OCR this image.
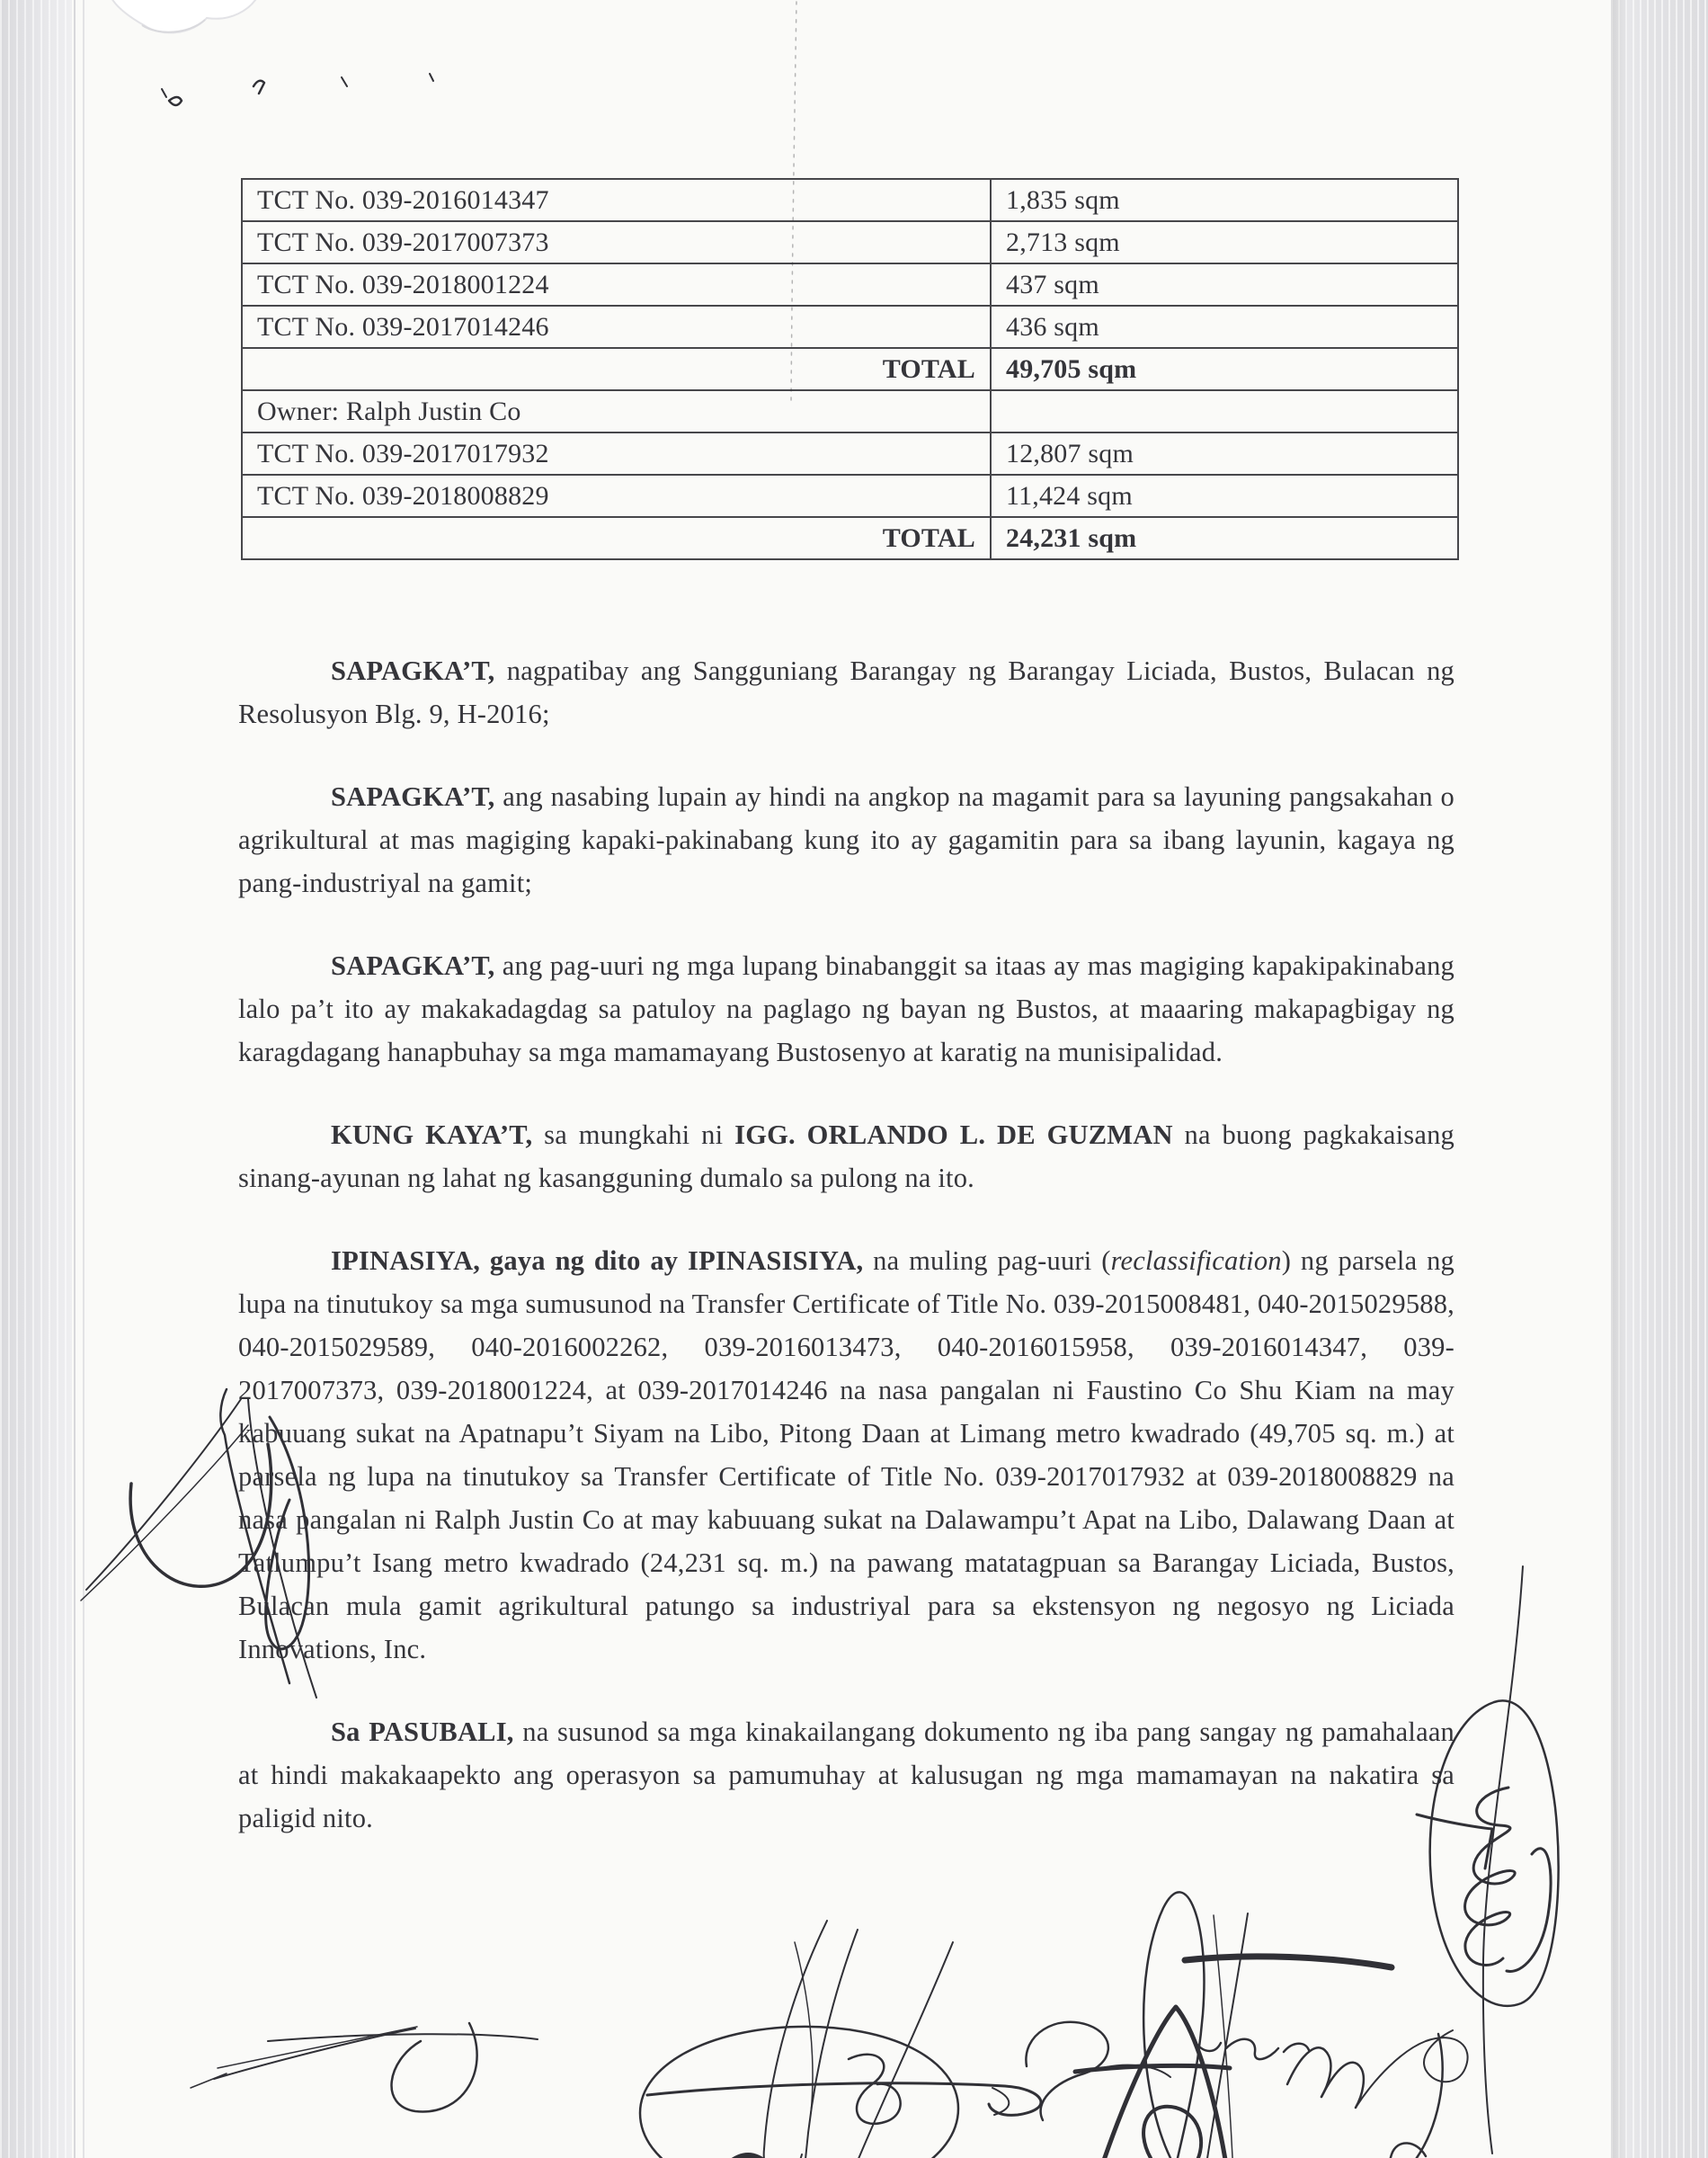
TCT No. 039-2016014347	1,835 sqm
TCT No. 039-2017007373	2,713 sqm
TCT No. 039-2018001224	437 sqm
TCT No. 039-2017014246	436 sqm
TOTAL	49,705 sqm
Owner: Ralph Justin Co	
TCT No. 039-2017017932	12,807 sqm
TCT No. 039-2018008829	11,424 sqm
TOTAL	24,231 sqm

SAPAGKA’T, nagpatibay ang Sangguniang Barangay ng Barangay Liciada, Bustos, Bulacan ng Resolusyon Blg. 9, H-2016;

SAPAGKA’T, ang nasabing lupain ay hindi na angkop na magamit para sa layuning pangsakahan o agrikultural at mas magiging kapaki-pakinabang kung ito ay gagamitin para sa ibang layunin, kagaya ng pang-industriyal na gamit;

SAPAGKA’T, ang pag-uuri ng mga lupang binabanggit sa itaas ay mas magiging kapakipakinabang lalo pa’t ito ay makakadagdag sa patuloy na paglago ng bayan ng Bustos, at maaaring makapagbigay ng karagdagang hanapbuhay sa mga mamamayang Bustosenyo at karatig na munisipalidad.

KUNG KAYA’T, sa mungkahi ni IGG. ORLANDO L. DE GUZMAN na buong pagkakaisang sinang-ayunan ng lahat ng kasangguning dumalo sa pulong na ito.

IPINASIYA, gaya ng dito ay IPINASISIYA, na muling pag-uuri (reclassification) ng parsela ng lupa na tinutukoy sa mga sumusunod na Transfer Certificate of Title No. 039-2015008481, 040-2015029588, 040-2015029589, 040-2016002262, 039-2016013473, 040-2016015958, 039-2016014347, 039-2017007373, 039-2018001224, at 039-2017014246 na nasa pangalan ni Faustino Co Shu Kiam na may kabuuang sukat na Apatnapu’t Siyam na Libo, Pitong Daan at Limang metro kwadrado (49,705 sq. m.) at parsela ng lupa na tinutukoy sa Transfer Certificate of Title No. 039-2017017932 at 039-2018008829 na nasa pangalan ni Ralph Justin Co at may kabuuang sukat na Dalawampu’t Apat na Libo, Dalawang Daan at Tatlumpu’t Isang metro kwadrado (24,231 sq. m.) na pawang matatagpuan sa Barangay Liciada, Bustos, Bulacan mula gamit agrikultural patungo sa industriyal para sa ekstensyon ng negosyo ng Liciada Innovations, Inc.

Sa PASUBALI, na susunod sa mga kinakailangang dokumento ng iba pang sangay ng pamahalaan at hindi makakaapekto ang operasyon sa pamumuhay at kalusugan ng mga mamamayan na nakatira sa paligid nito.
